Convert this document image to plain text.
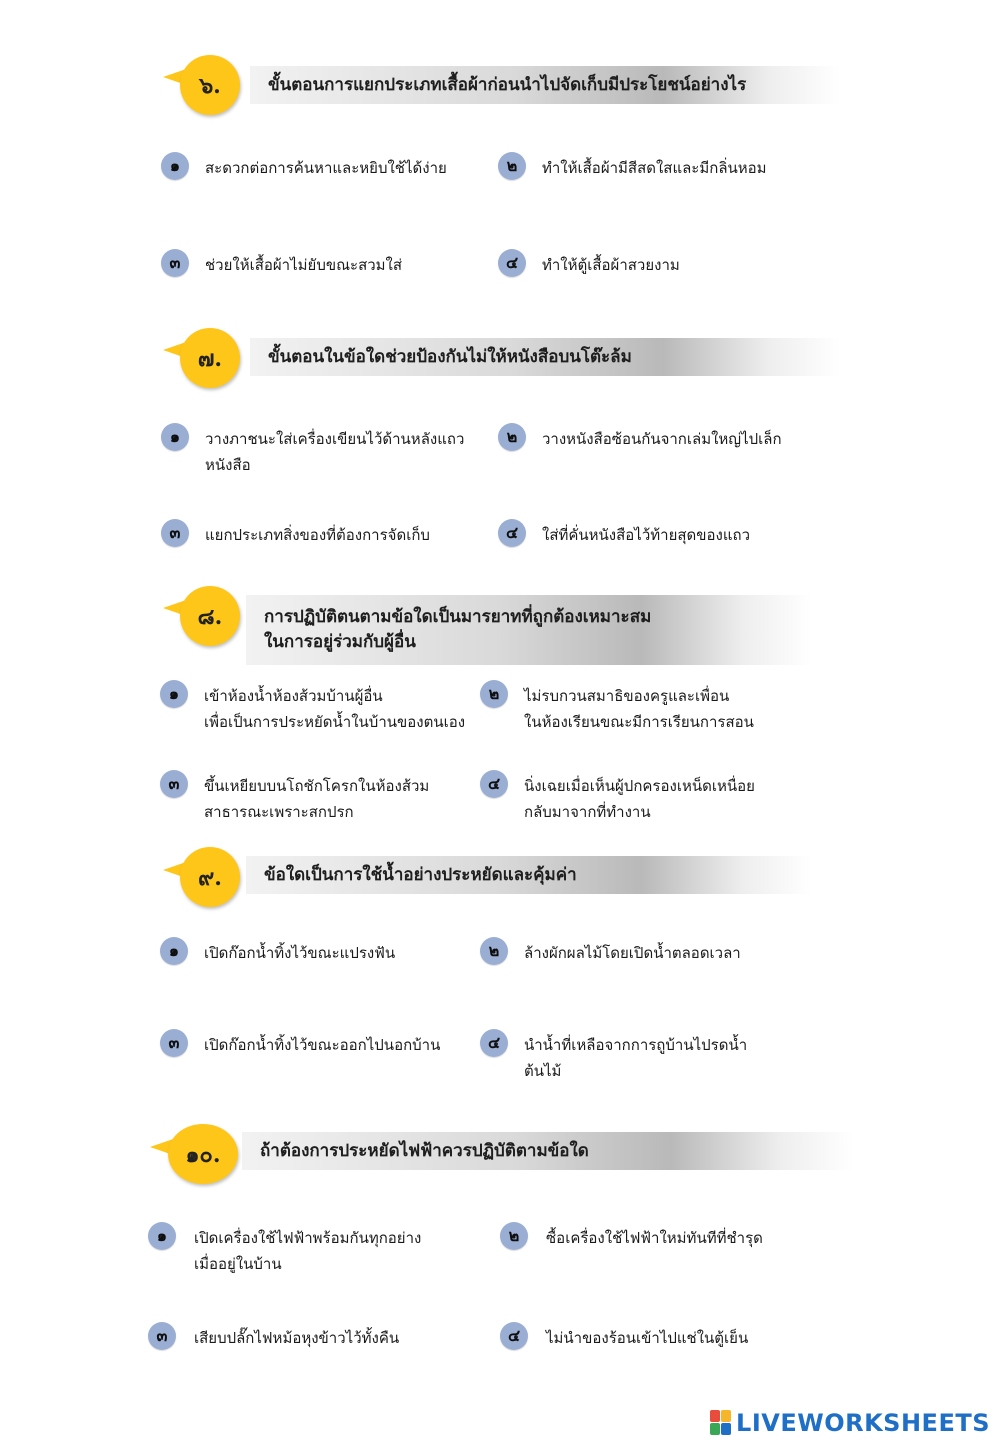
๖.	ขั้นตอนการแยกประเภทเสื้อผ้าก่อนนำไปจัดเก็บมีประโยชน์อย่างไร
๑ สะดวกต่อการค้นหาและหยิบใช้ได้ง่าย	๒ ทำให้เสื้อผ้ามีสีสดใสและมีกลิ่นหอม
๓ ช่วยให้เสื้อผ้าไม่ยับขณะสวมใส่	๔ ทำให้ตู้เสื้อผ้าสวยงาม
๗.	ขั้นตอนในข้อใดช่วยป้องกันไม่ให้หนังสือบนโต๊ะล้ม
๑ วางภาชนะใส่เครื่องเขียนไว้ด้านหลังแถว
หนังสือ
๒ วางหนังสือซ้อนกันจากเล่มใหญ่ไปเล็ก
๓ แยกประเภทสิ่งของที่ต้องการจัดเก็บ	๔ ใส่ที่คั่นหนังสือไว้ท้ายสุดของแถว
๘. การปฏิบัติตนตามข้อใดเป็นมารยาทที่ถูกต้องเหมาะสม
ในการอยู่ร่วมกับผู้อื่น
๑ เข้าห้องน้ำห้องส้วมบ้านผู้อื่น
เพื่อเป็นการประหยัดน้ำในบ้านของตนเอง
๒ ไม่รบกวนสมาธิของครูและเพื่อน
ในห้องเรียนขณะมีการเรียนการสอน
๓ ขึ้นเหยียบบนโถชักโครกในห้องส้วม
สาธารณะเพราะสกปรก
๔ นิ่งเฉยเมื่อเห็นผู้ปกครองเหน็ดเหนื่อย
กลับมาจากที่ทำงาน
๙. ข้อใดเป็นการใช้น้ำอย่างประหยัดและคุ้มค่า
๑ เปิดก๊อกน้ำทิ้งไว้ขณะแปรงฟัน	๒ ล้างผักผลไม้โดยเปิดน้ำตลอดเวลา
๓ เปิดก๊อกน้ำทิ้งไว้ขณะออกไปนอกบ้าน	๔ นำน้ำที่เหลือจากการถูบ้านไปรดน้ำ
ต้นไม้
๑๐. ถ้าต้องการประหยัดไฟฟ้าควรปฏิบัติตามข้อใด
๑ เปิดเครื่องใช้ไฟฟ้าพร้อมกันทุกอย่าง
เมื่ออยู่ในบ้าน
๒ ซื้อเครื่องใช้ไฟฟ้าใหม่ทันทีที่ชำรุด
๓ เสียบปลั๊กไฟหม้อหุงข้าวไว้ทั้งคืน	๔ ไม่นำของร้อนเข้าไปแช่ในตู้เย็น
LIVEWORKSHEETS
